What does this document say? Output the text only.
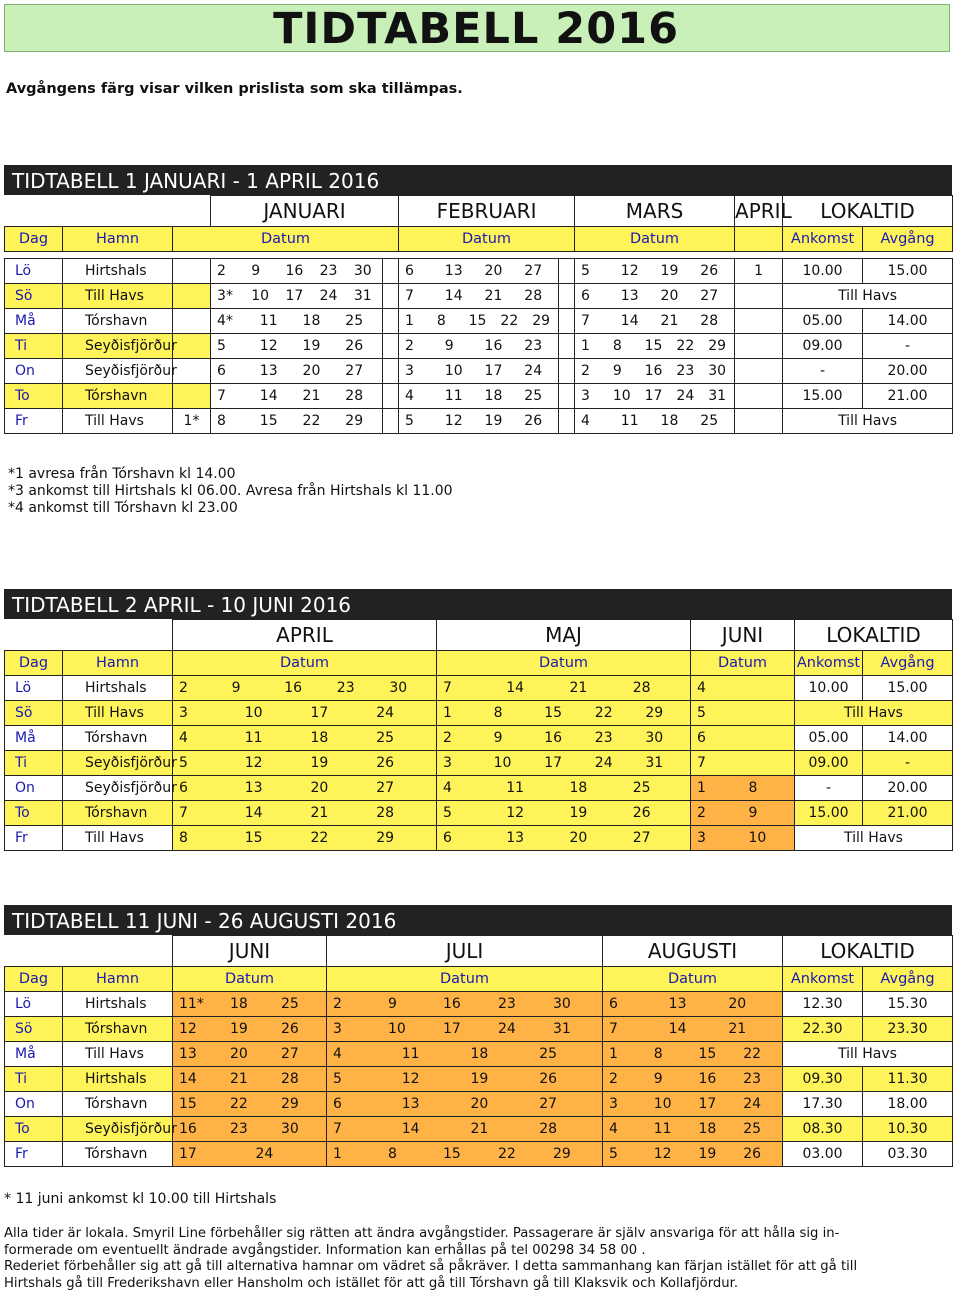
TIDTABELL 2016
Avgångens färg visar vilken prislista som ska tillämpas.
TIDTABELL 1 JANUARI - 1 APRIL 2016
			JANUARI		FEBRUARI		MARS	APRIL	LOKALTID	
Dag	Hamn	Datum			Datum		Datum		Ankomst	Avgång

Lö	Hirtshals		2 9 16 23 30		6 13 20 27		5 12 19 26	1	10.00	15.00
Sö	Till Havs		3* 10 17 24 31		7 14 21 28		6 13 20 27		Till Havs	
Må	Tórshavn		4* 11 18 25		1 8 15 22 29		7 14 21 28		05.00	14.00
Ti	Seyðisfjörður		5 12 19 26		2 9 16 23		1 8 15 22 29		09.00	-
On	Seyðisfjörður		6 13 20 27		3 10 17 24		2 9 16 23 30		-	20.00
To	Tórshavn		7 14 21 28		4 11 18 25		3 10 17 24 31		15.00	21.00
Fr	Till Havs	1*	8 15 22 29		5 12 19 26		4 11 18 25		Till Havs	
*1 avresa från Tórshavn kl 14.00
*3 ankomst till Hirtshals kl 06.00. Avresa från Hirtshals kl 11.00
*4 ankomst till Tórshavn kl 23.00
TIDTABELL 2 APRIL - 10 JUNI 2016
		APRIL	MAJ	JUNI	LOKALTID	
Dag	Hamn	Datum	Datum	Datum	Ankomst	Avgång
Lö	Hirtshals	2 9 16 23 30	7 14 21 28	4	10.00	15.00
Sö	Till Havs	3 10 17 24	1 8 15 22 29	5	Till Havs	
Må	Tórshavn	4 11 18 25	2 9 16 23 30	6	05.00	14.00
Ti	Seyðisfjörður	5 12 19 26	3 10 17 24 31	7	09.00	-
On	Seyðisfjörður	6 13 20 27	4 11 18 25	1 8	-	20.00
To	Tórshavn	7 14 21 28	5 12 19 26	2 9	15.00	21.00
Fr	Till Havs	8 15 22 29	6 13 20 27	3 10	Till Havs	
TIDTABELL 11 JUNI - 26 AUGUSTI 2016
		JUNI	JULI	AUGUSTI	LOKALTID	
Dag	Hamn	Datum	Datum	Datum	Ankomst	Avgång
Lö	Hirtshals	11* 18 25	2 9 16 23 30	6 13 20	12.30	15.30
Sö	Tórshavn	12 19 26	3 10 17 24 31	7 14 21	22.30	23.30
Må	Till Havs	13 20 27	4 11 18 25	1 8 15 22	Till Havs	
Ti	Hirtshals	14 21 28	5 12 19 26	2 9 16 23	09.30	11.30
On	Tórshavn	15 22 29	6 13 20 27	3 10 17 24	17.30	18.00
To	Seyðisfjörður	16 23 30	7 14 21 28	4 11 18 25	08.30	10.30
Fr	Tórshavn	17 24	1 8 15 22 29	5 12 19 26	03.00	03.30
* 11 juni ankomst kl 10.00 till Hirtshals
Alla tider är lokala. Smyril Line förbehåller sig rätten att ändra avgångstider. Passagerare är själv ansvariga för att hålla sig in-
formerade om eventuellt ändrade avgångstider. Information kan erhållas på tel 00298 34 58 00 .
Rederiet förbehåller sig att gå till alternativa hamnar om vädret så påkräver. I detta sammanhang kan färjan istället för att gå till
Hirtshals gå till Frederikshavn eller Hansholm och istället för att gå till Tórshavn gå till Klaksvik och Kollafjördur.
